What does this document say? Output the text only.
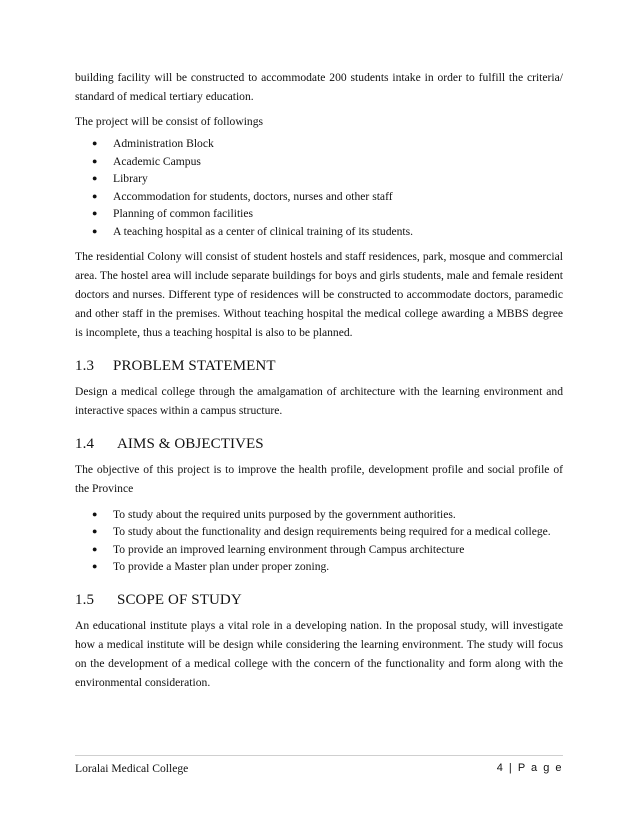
building facility will be constructed to accommodate 200 students intake in order to fulfill the criteria/ standard of medical tertiary education.

The project will be consist of followings

● Administration Block
● Academic Campus
● Library
● Accommodation for students, doctors, nurses and other staff
● Planning of common facilities
● A teaching hospital as a center of clinical training of its students.

The residential Colony will consist of student hostels and staff residences, park, mosque and commercial area. The hostel area will include separate buildings for boys and girls students, male and female resident doctors and nurses. Different type of residences will be constructed to accommodate doctors, paramedic and other staff in the premises. Without teaching hospital the medical college awarding a MBBS degree is incomplete, thus a teaching hospital is also to be planned.

1.3 PROBLEM STATEMENT

Design a medical college through the amalgamation of architecture with the learning environment and interactive spaces within a campus structure.

1.4 AIMS & OBJECTIVES

The objective of this project is to improve the health profile, development profile and social profile of the Province

● To study about the required units purposed by the government authorities.
● To study about the functionality and design requirements being required for a medical college.
● To provide an improved learning environment through Campus architecture
● To provide a Master plan under proper zoning.
1.5 SCOPE OF STUDY

An educational institute plays a vital role in a developing nation. In the proposal study, will investigate how a medical institute will be design while considering the learning environment. The study will focus on the development of a medical college with the concern of the functionality and form along with the environmental consideration.

Loralai Medical College	4 | P a g e
